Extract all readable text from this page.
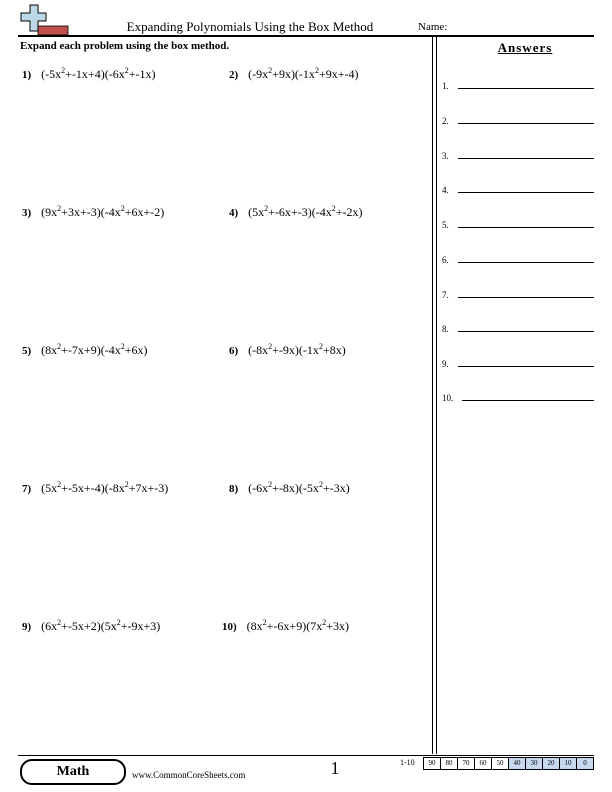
Expanding Polynomials Using the Box Method	Name:
Expand each problem using the box method.
1) $(-5x^2+-1x+4)(-6x^2+-1x)$	2) $(-9x^2+9x)(-1x^2+9x+-4)$
3) $(9x^2+3x+-3)(-4x^2+6x+-2)$	4) $(5x^2+-6x+-3)(-4x^2+-2x)$
5) $(8x^2+-7x+9)(-4x^2+6x)$	6) $(-8x^2+-9x)(-1x^2+8x)$
7) $(5x^2+-5x+-4)(-8x^2+7x+-3)$	8) $(-6x^2+-8x)(-5x^2+-3x)$
9) $(6x^2+-5x+2)(5x^2+-9x+3)$	10) $(8x^2+-6x+9)(7x^2+3x)$
Answers
1.
2.
3.
4.
5.
6.
7.
8.
9.
10.
Math	www.CommonCoreSheets.com	1	1-10	90	80	70	60	50	40	30	20	10	0
